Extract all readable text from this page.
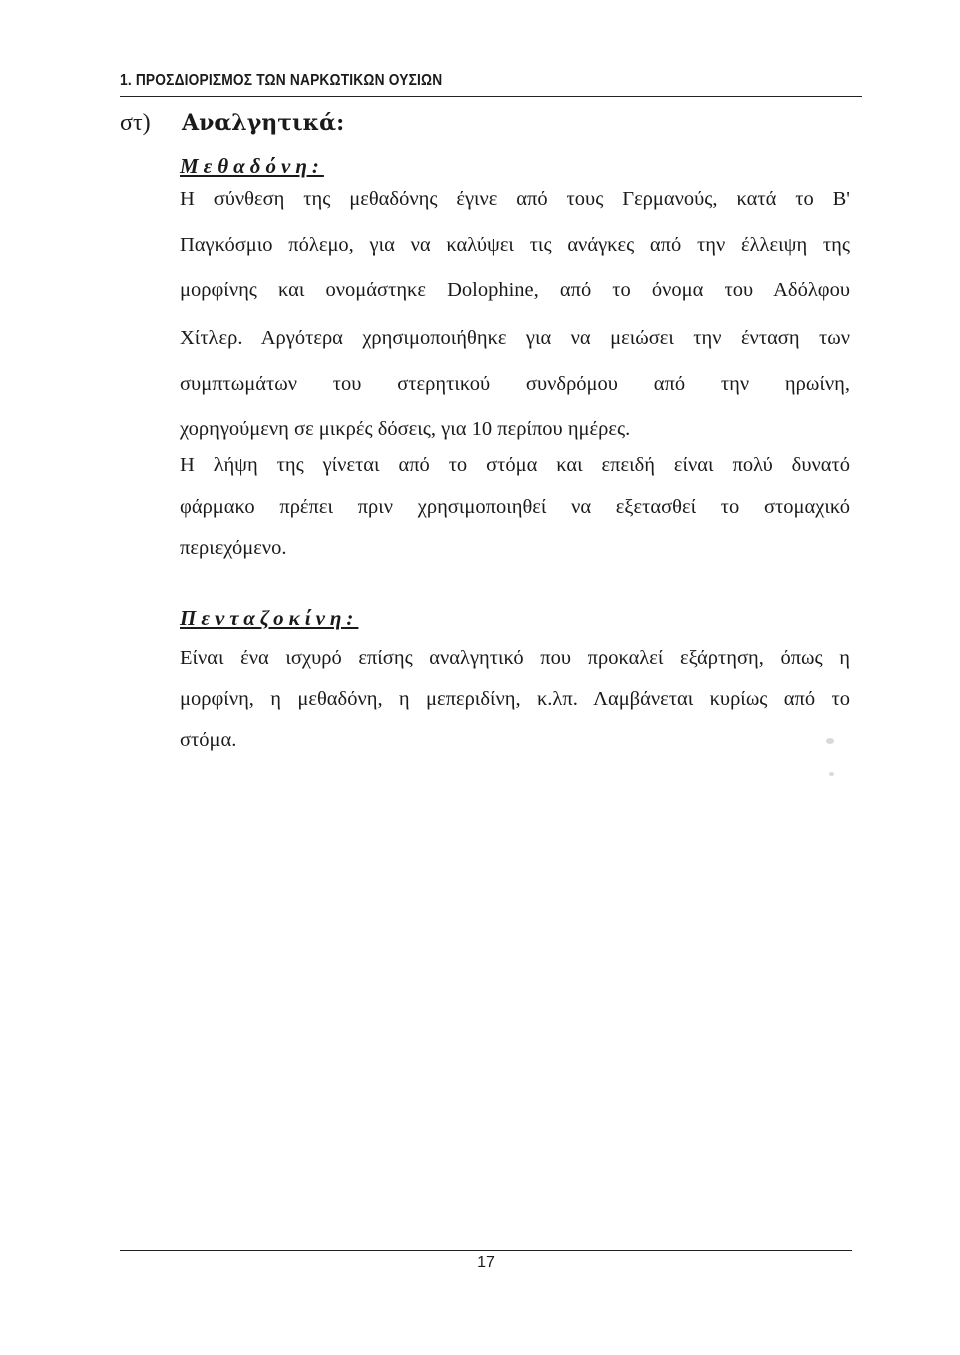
1. ΠΡΟΣΔΙΟΡΙΣΜΟΣ ΤΩΝ ΝΑΡΚΩΤΙΚΩΝ ΟΥΣΙΩΝ
στ) Αναλγητικά:
Μεθαδόνη:
Η σύνθεση της μεθαδόνης έγινε από τους Γερμανούς, κατά το Β'
Παγκόσμιο πόλεμο, για να καλύψει τις ανάγκες από την έλλειψη της
μορφίνης και ονομάστηκε Dolophine, από το όνομα του Αδόλφου
Χίτλερ. Αργότερα χρησιμοποιήθηκε για να μειώσει την ένταση των
συμπτωμάτων του στερητικού συνδρόμου από την ηρωίνη,
χορηγούμενη σε μικρές δόσεις, για 10 περίπου ημέρες.
Η λήψη της γίνεται από το στόμα και επειδή είναι πολύ δυνατό
φάρμακο πρέπει πριν χρησιμοποιηθεί να εξετασθεί το στομαχικό
περιεχόμενο.
Πενταζοκίνη:
Είναι ένα ισχυρό επίσης αναλγητικό που προκαλεί εξάρτηση, όπως η
μορφίνη, η μεθαδόνη, η μεπεριδίνη, κ.λπ. Λαμβάνεται κυρίως από το
στόμα.
17
